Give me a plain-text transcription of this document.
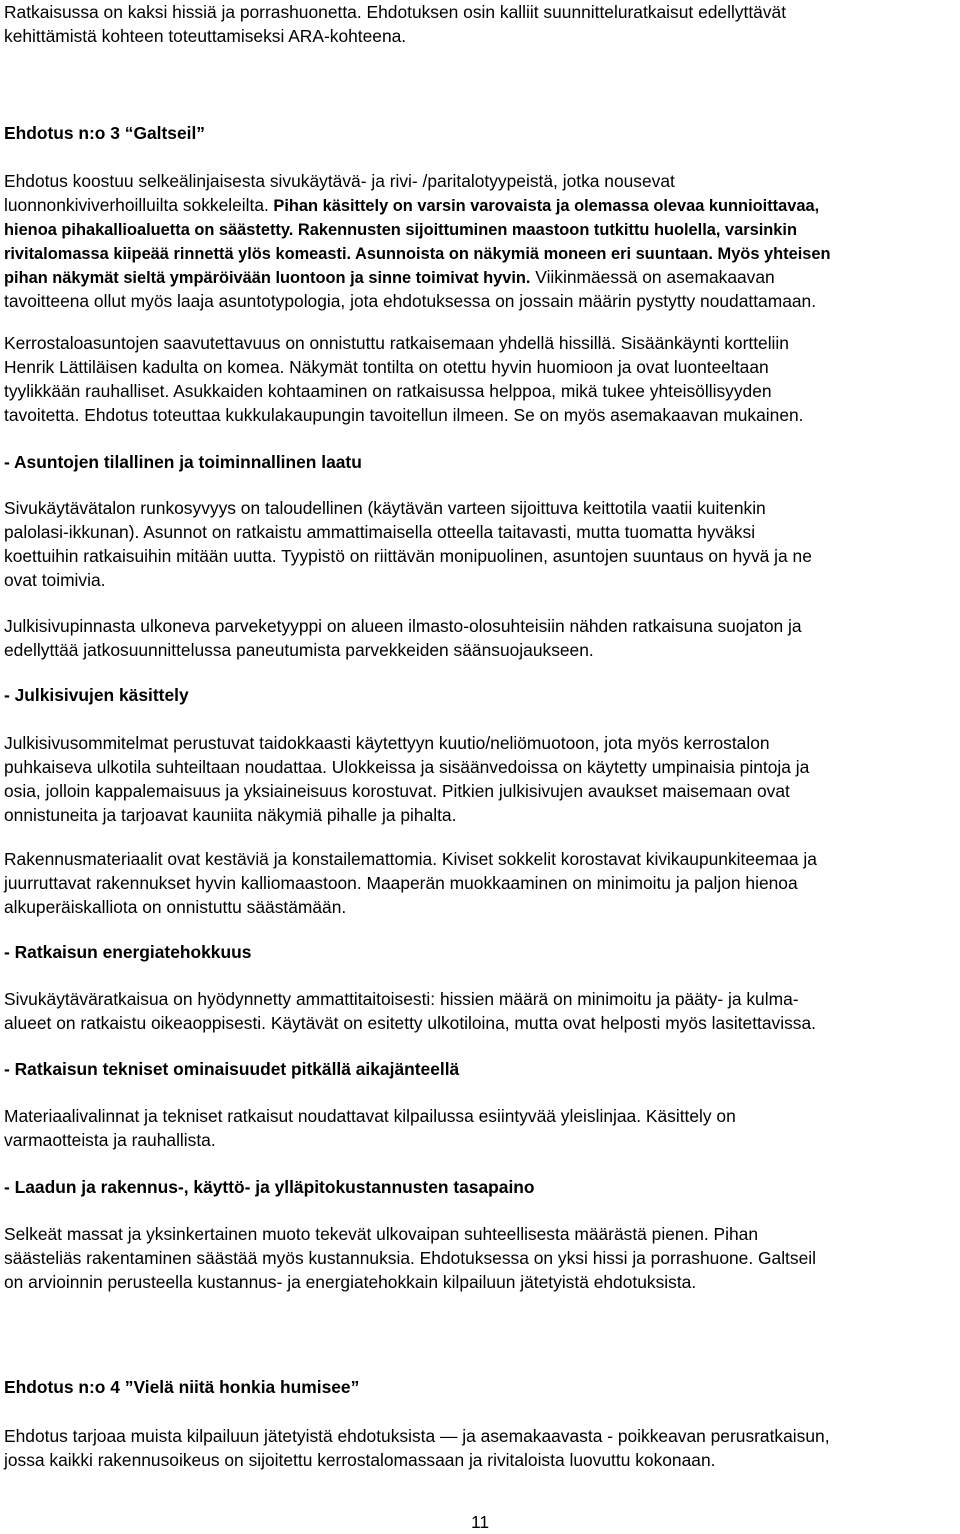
Ratkaisussa on kaksi hissiä ja porrashuonetta. Ehdotuksen osin kalliit suunnitteluratkaisut edellyttävät
kehittämistä kohteen toteuttamiseksi ARA-kohteena.

Ehdotus n:o 3 “Galtseil”
Ehdotus koostuu selkeälinjaisesta sivukäytävä- ja rivi- /paritalotyypeistä, jotka nousevat
luonnonkiviverhoilluilta sokkeleilta. Pihan käsittely on varsin varovaista ja olemassa olevaa kunnioittavaa,
hienoa pihakallioaluetta on säästetty. Rakennusten sijoittuminen maastoon tutkittu huolella, varsinkin
rivitalomassa kiipeää rinnettä ylös komeasti. Asunnoista on näkymiä moneen eri suuntaan. Myös yhteisen
pihan näkymät sieltä ympäröivään luontoon ja sinne toimivat hyvin. Viikinmäessä on asemakaavan
tavoitteena ollut myös laaja asuntotypologia, jota ehdotuksessa on jossain määrin pystytty noudattamaan.

Kerrostaloasuntojen saavutettavuus on onnistuttu ratkaisemaan yhdellä hissillä. Sisäänkäynti kortteliin
Henrik Lättiläisen kadulta on komea. Näkymät tontilta on otettu hyvin huomioon ja ovat luonteeltaan
tyylikkään rauhalliset. Asukkaiden kohtaaminen on ratkaisussa helppoa, mikä tukee yhteisöllisyyden
tavoitetta. Ehdotus toteuttaa kukkulakaupungin tavoitellun ilmeen. Se on myös asemakaavan mukainen.

- Asuntojen tilallinen ja toiminnallinen laatu

Sivukäytävätalon runkosyvyys on taloudellinen (käytävän varteen sijoittuva keittotila vaatii kuitenkin
palolasi-ikkunan). Asunnot on ratkaistu ammattimaisella otteella taitavasti, mutta tuomatta hyväksi
koettuihin ratkaisuihin mitään uutta. Tyypistö on riittävän monipuolinen, asuntojen suuntaus on hyvä ja ne
ovat toimivia.

Julkisivupinnasta ulkoneva parveketyyppi on alueen ilmasto-olosuhteisiin nähden ratkaisuna suojaton ja
edellyttää jatkosuunnittelussa paneutumista parvekkeiden säänsuojaukseen.

- Julkisivujen käsittely

Julkisivusommitelmat perustuvat taidokkaasti käytettyyn kuutio/neliömuotoon, jota myös kerrostalon
puhkaiseva ulkotila suhteiltaan noudattaa. Ulokkeissa ja sisäänvedoissa on käytetty umpinaisia pintoja ja
osia, jolloin kappalemaisuus ja yksiaineisuus korostuvat. Pitkien julkisivujen avaukset maisemaan ovat
onnistuneita ja tarjoavat kauniita näkymiä pihalle ja pihalta.

Rakennusmateriaalit ovat kestäviä ja konstailemattomia. Kiviset sokkelit korostavat kivikaupunkiteemaa ja
juurruttavat rakennukset hyvin kalliomaastoon. Maaperän muokkaaminen on minimoitu ja paljon hienoa
alkuperäiskalliota on onnistuttu säästämään.

- Ratkaisun energiatehokkuus

Sivukäytäväratkaisua on hyödynnetty ammattitaitoisesti: hissien määrä on minimoitu ja pääty- ja kulma-
alueet on ratkaistu oikeaoppisesti. Käytävät on esitetty ulkotiloina, mutta ovat helposti myös lasitettavissa.

- Ratkaisun tekniset ominaisuudet pitkällä aikajänteellä

Materiaalivalinnat ja tekniset ratkaisut noudattavat kilpailussa esiintyvää yleislinjaa. Käsittely on
varmaotteista ja rauhallista.

- Laadun ja rakennus-, käyttö- ja ylläpitokustannusten tasapaino

Selkeät massat ja yksinkertainen muoto tekevät ulkovaipan suhteellisesta määrästä pienen. Pihan
säästeliäs rakentaminen säästää myös kustannuksia. Ehdotuksessa on yksi hissi ja porrashuone. Galtseil
on arvioinnin perusteella kustannus- ja energiatehokkain kilpailuun jätetyistä ehdotuksista.

Ehdotus n:o 4 ”Vielä niitä honkia humisee”

Ehdotus tarjoaa muista kilpailuun jätetyistä ehdotuksista — ja asemakaavasta - poikkeavan perusratkaisun,
jossa kaikki rakennusoikeus on sijoitettu kerrostalomassaan ja rivitaloista luovuttu kokonaan.

11
